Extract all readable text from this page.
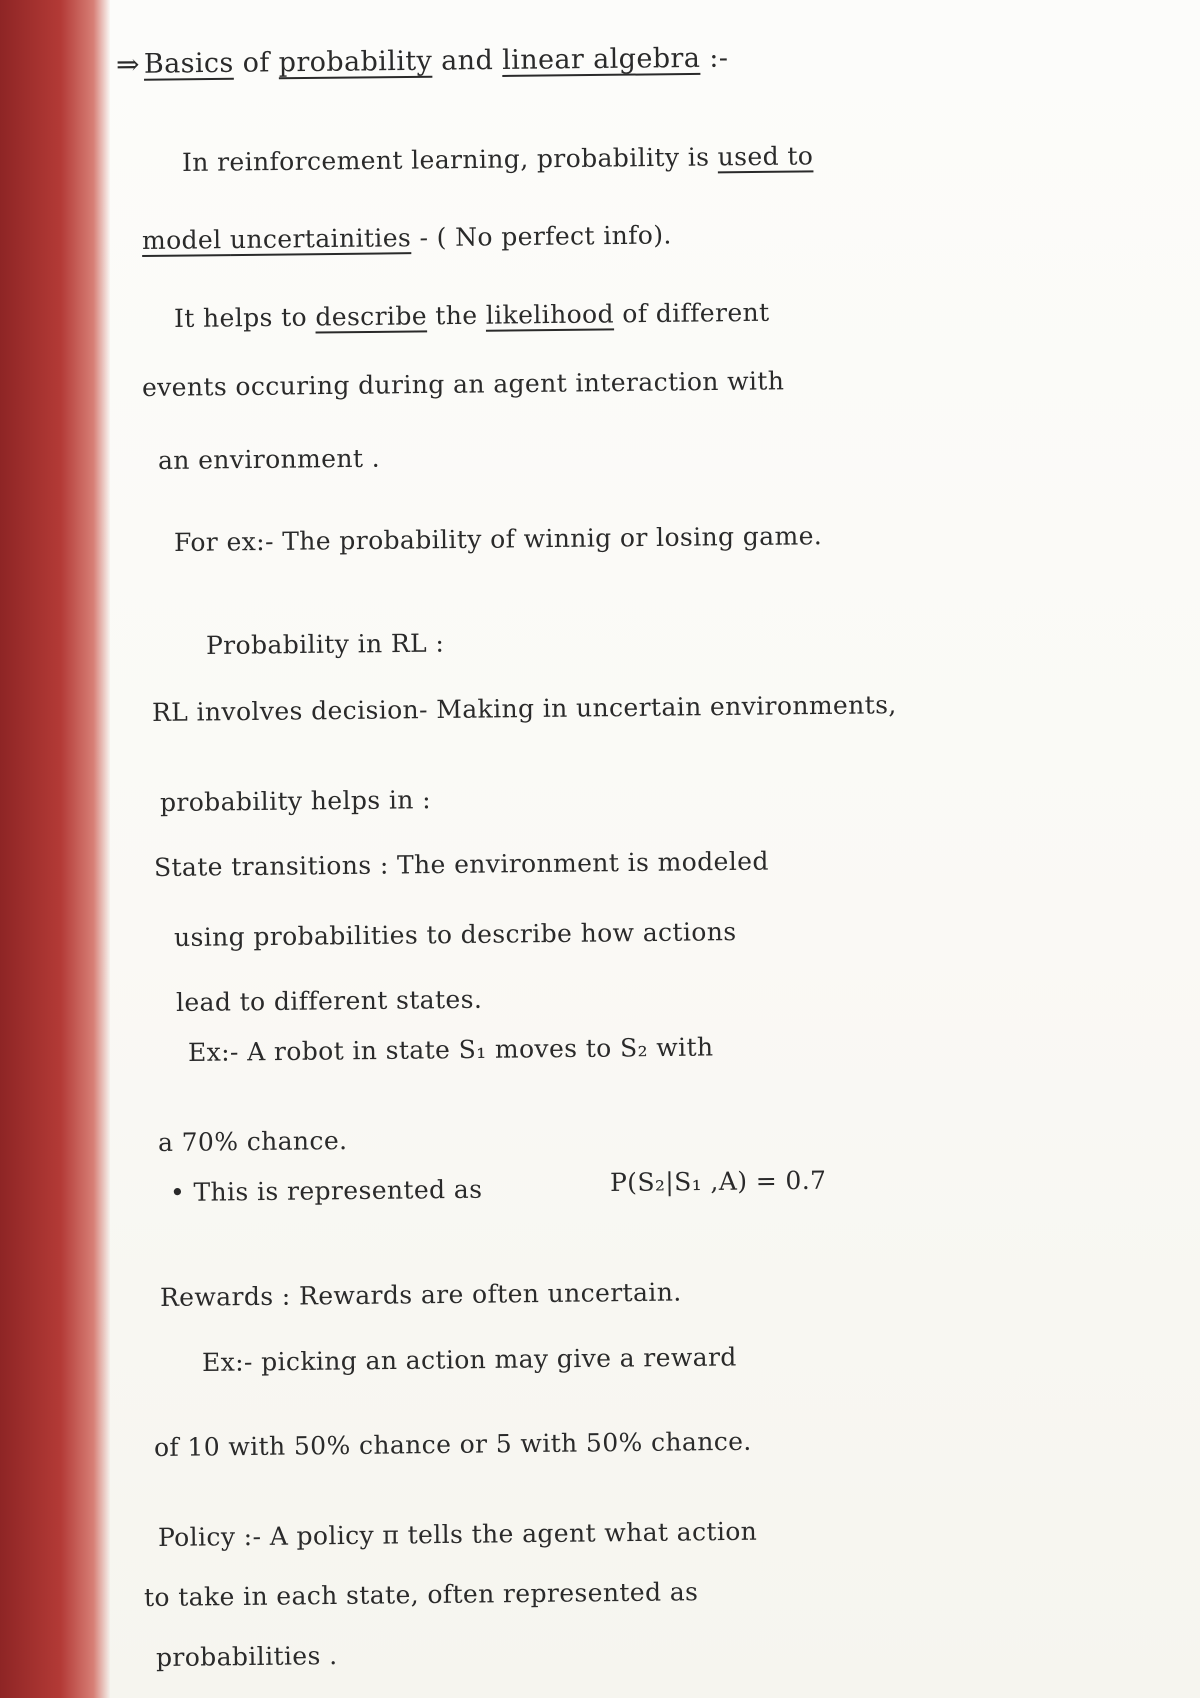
⇒ Basics of probability and linear algebra :-
In reinforcement learning, probability is used to
model uncertainities - ( No perfect info).
It helps to describe the likelihood of different
events occuring during an agent interaction with
an environment .
For ex:- The probability of winnig or losing game.
Probability in RL :
RL involves decision- Making in uncertain environments,
probability helps in :
State transitions : The environment is modeled
using probabilities to describe how actions
lead to different states.
Ex:- A robot in state S₁ moves to S₂ with
a 70% chance.
• This is represented as	P(S₂|S₁ ,A) = 0.7
Rewards : Rewards are often uncertain.
Ex:- picking an action may give a reward
of 10 with 50% chance or 5 with 50% chance.
Policy :- A policy π tells the agent what action
to take in each state, often represented as
probabilities .
